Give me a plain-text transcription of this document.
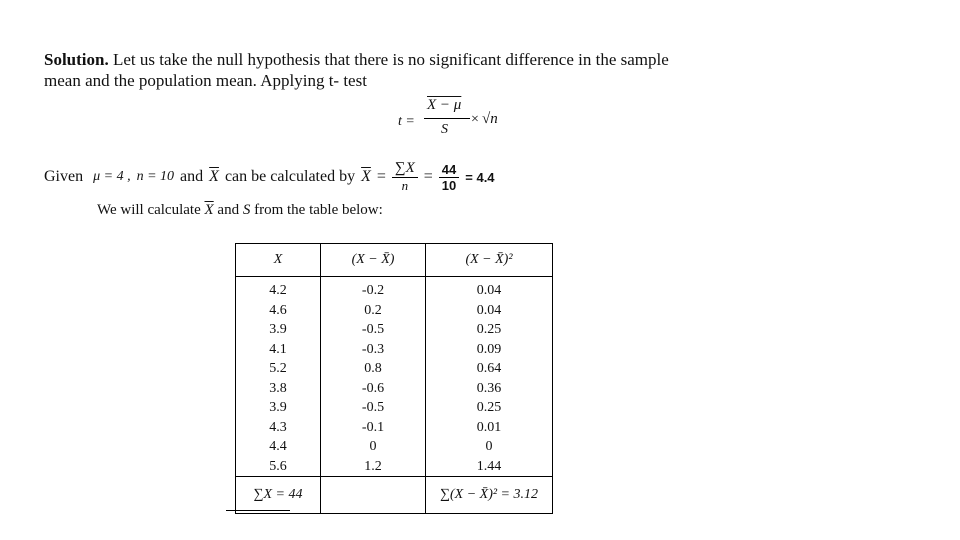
Solution. Let us take the null hypothesis that there is no significant difference in the sample
mean and the population mean. Applying t- test
t =
X − μ
S
× √n
Given μ = 4 , n = 10 and $\overline{X}$ can be calculated by $\overline{X} = \frac{\sum X}{n} = \frac{44}{10} = 4.4$
We will calculate $\overline{X}$ and S from the table below:
X	(X − X̄)	(X − X̄)²
4.2	-0.2	0.04
4.6	0.2	0.04
3.9	-0.5	0.25
4.1	-0.3	0.09
5.2	0.8	0.64
3.8	-0.6	0.36
3.9	-0.5	0.25
4.3	-0.1	0.01
4.4	0	0
5.6	1.2	1.44
∑X = 44		∑(X − X̄)² = 3.12
